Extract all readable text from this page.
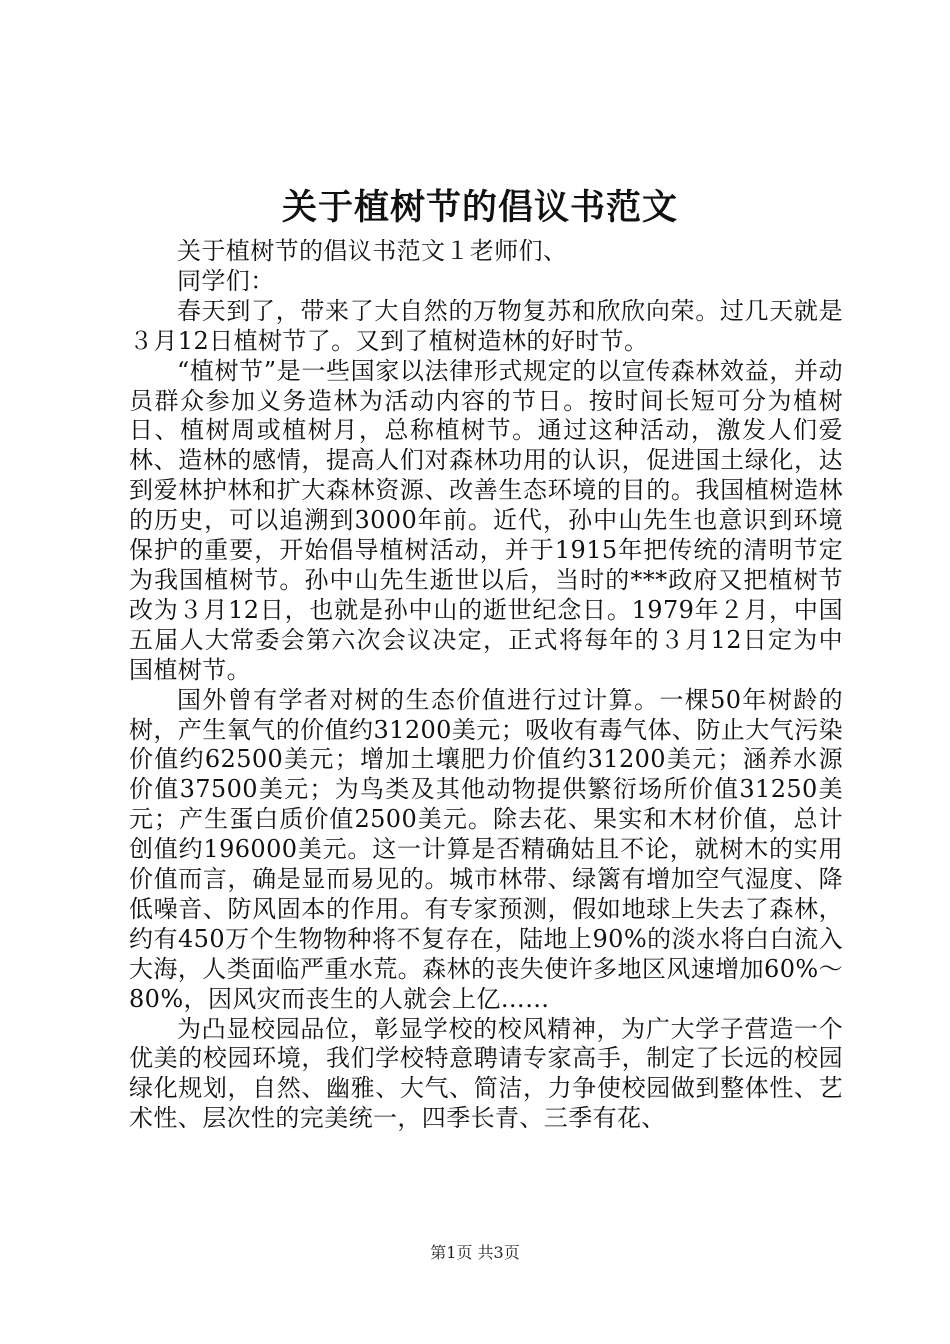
关于植树节的倡议书范文

关于植树节的倡议书范文１老师们、

同学们：

春天到了，带来了大自然的万物复苏和欣欣向荣。过几天就是３月12日植树节了。又到了植树造林的好时节。

“植树节”是一些国家以法律形式规定的以宣传森林效益，并动员群众参加义务造林为活动内容的节日。按时间长短可分为植树日、植树周或植树月，总称植树节。通过这种活动，激发人们爱林、造林的感情，提高人们对森林功用的认识，促进国土绿化，达到爱林护林和扩大森林资源、改善生态环境的目的。我国植树造林的历史，可以追溯到3000年前。近代，孙中山先生也意识到环境保护的重要，开始倡导植树活动，并于1915年把传统的清明节定为我国植树节。孙中山先生逝世以后，当时的***政府又把植树节改为３月12日，也就是孙中山的逝世纪念日。1979年２月，中国五届人大常委会第六次会议决定，正式将每年的３月12日定为中国植树节。

国外曾有学者对树的生态价值进行过计算。一棵50年树龄的树，产生氧气的价值约31200美元；吸收有毒气体、防止大气污染价值约62500美元；增加土壤肥力价值约31200美元；涵养水源价值37500美元；为鸟类及其他动物提供繁衍场所价值31250美元；产生蛋白质价值2500美元。除去花、果实和木材价值，总计创值约196000美元。这一计算是否精确姑且不论，就树木的实用价值而言，确是显而易见的。城市林带、绿篱有增加空气湿度、降低噪音、防风固本的作用。有专家预测，假如地球上失去了森林，约有450万个生物物种将不复存在，陆地上90%的淡水将白白流入大海，人类面临严重水荒。森林的丧失使许多地区风速增加60%～80%，因风灾而丧生的人就会上亿……

为凸显校园品位，彰显学校的校风精神，为广大学子营造一个优美的校园环境，我们学校特意聘请专家高手，制定了长远的校园绿化规划，自然、幽雅、大气、简洁，力争使校园做到整体性、艺术性、层次性的完美统一，四季长青、三季有花、

第1页 共3页
